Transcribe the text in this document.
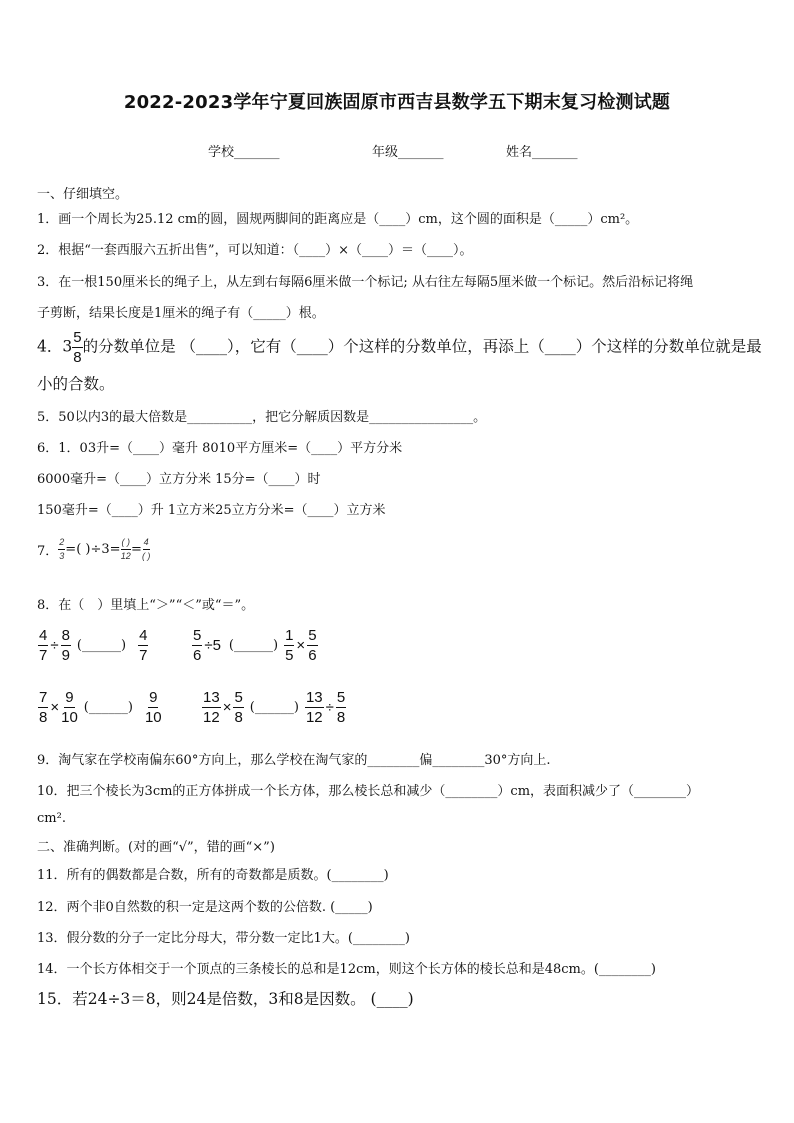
2022-2023学年宁夏回族固原市西吉县数学五下期末复习检测试题
学校_______	年级_______	姓名_______
一、仔细填空。
1．画一个周长为25.12 cm的圆，圆规两脚间的距离应是（____）cm，这个圆的面积是（_____）cm²。
2．根据“一套西服六五折出售”，可以知道：（____）×（____）＝（____）。
3．在一根150厘米长的绳子上，从左到右每隔6厘米做一个标记; 从右往左每隔5厘米做一个标记。然后沿标记将绳
子剪断，结果长度是1厘米的绳子有（_____）根。
4．$3 \frac{5}{8}$ 的分数单位是 （____），它有（____）个这样的分数单位，再添上（____）个这样的分数单位就是最
小的合数。
5．50以内3的最大倍数是__________，把它分解质因数是________________。
6．1．03升=（____）毫升 8010平方厘米=（____）平方分米
6000毫升=（____）立方分米 15分=（____）时
150毫升=（____）升 1立方米25立方分米=（____）立方米
7． $\frac{2}{3}$ =( )$\div 3= \frac{( )}{12} = \frac{4}{( )}$
8．在（　）里填上“＞”“＜”或“＝”。
$\frac{4}{7} \div \frac{8}{9}$ (______) $\frac{4}{7}$	$\frac{5}{6} \div 5$ (______) $\frac{1}{5} \times \frac{5}{6}$
$\frac{7}{8} \times \frac{9}{10}$ (______) $\frac{9}{10}$	$\frac{13}{12} \times \frac{5}{8}$ (______) $\frac{13}{12} \div \frac{5}{8}$
9．淘气家在学校南偏东60°方向上，那么学校在淘气家的________偏________30°方向上.
10．把三个棱长为3cm的正方体拼成一个长方体，那么棱长总和减少（________）cm，表面积减少了（________）
cm².
二、准确判断。(对的画“√”，错的画“×”)
11．所有的偶数都是合数，所有的奇数都是质数。(________)
12．两个非0自然数的积一定是这两个数的公倍数. (_____)
13．假分数的分子一定比分母大，带分数一定比1大。(________)
14．一个长方体相交于一个顶点的三条棱长的总和是12cm，则这个长方体的棱长总和是48cm。(________)
15．若24÷3＝8，则24是倍数，3和8是因数。 (____)
